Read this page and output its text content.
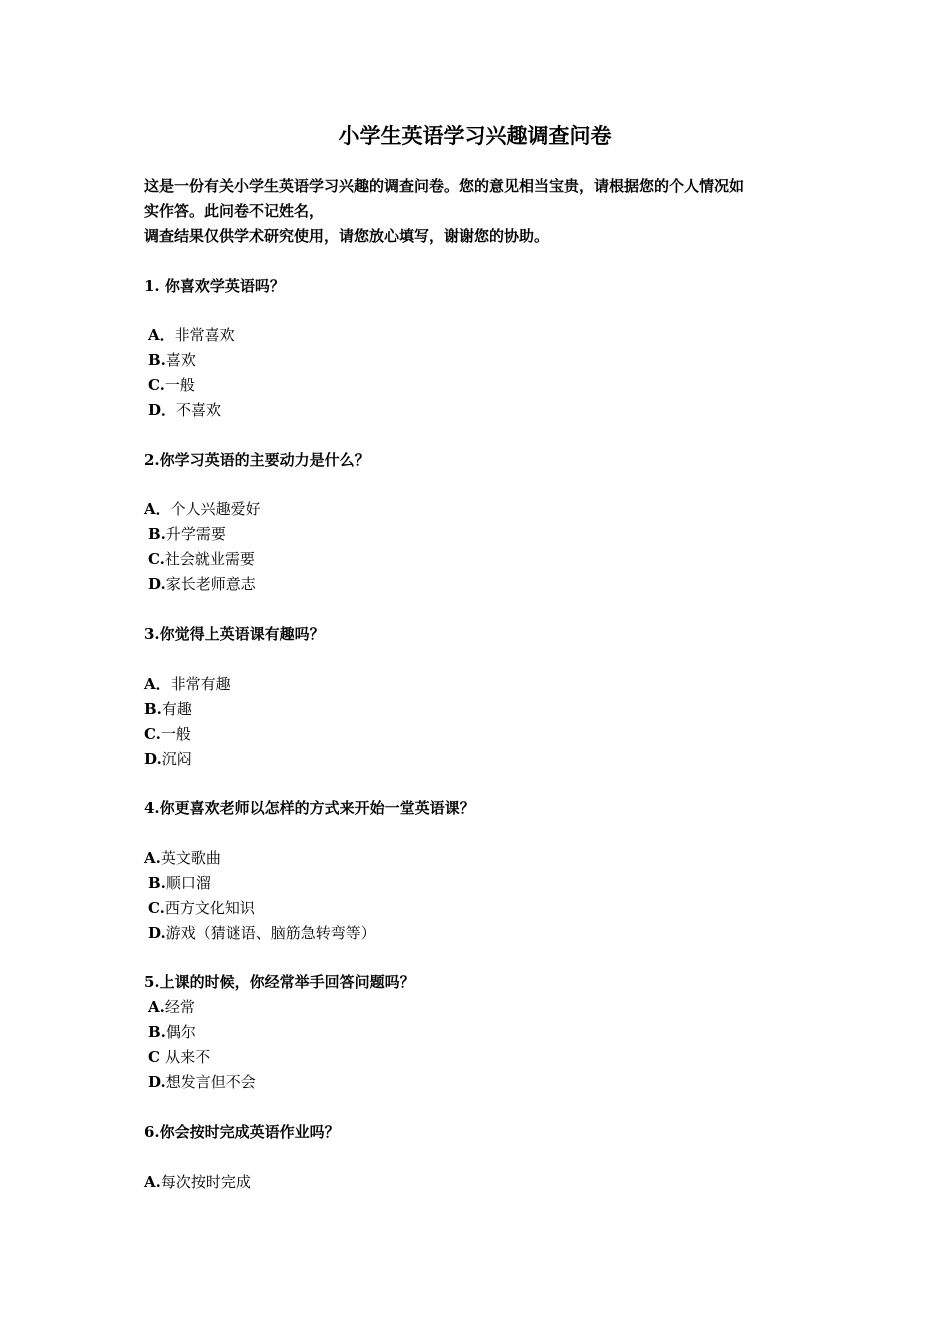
小学生英语学习兴趣调查问卷
这是一份有关小学生英语学习兴趣的调查问卷。您的意见相当宝贵，请根据您的个人情况如
实作答。此问卷不记姓名，
调查结果仅供学术研究使用，请您放心填写，谢谢您的协助。
1. 你喜欢学英语吗？
A．非常喜欢
B.喜欢
C.一般
D．不喜欢
2.你学习英语的主要动力是什么？
A．个人兴趣爱好
B.升学需要
C.社会就业需要
D.家长老师意志
3.你觉得上英语课有趣吗？
A．非常有趣
B.有趣
C.一般
D.沉闷
4.你更喜欢老师以怎样的方式来开始一堂英语课？
A.英文歌曲
B.顺口溜
C.西方文化知识
D.游戏（猜谜语、脑筋急转弯等）
5.上课的时候，你经常举手回答问题吗？
A.经常
B.偶尔
C 从来不
D.想发言但不会
6.你会按时完成英语作业吗？
A.每次按时完成
